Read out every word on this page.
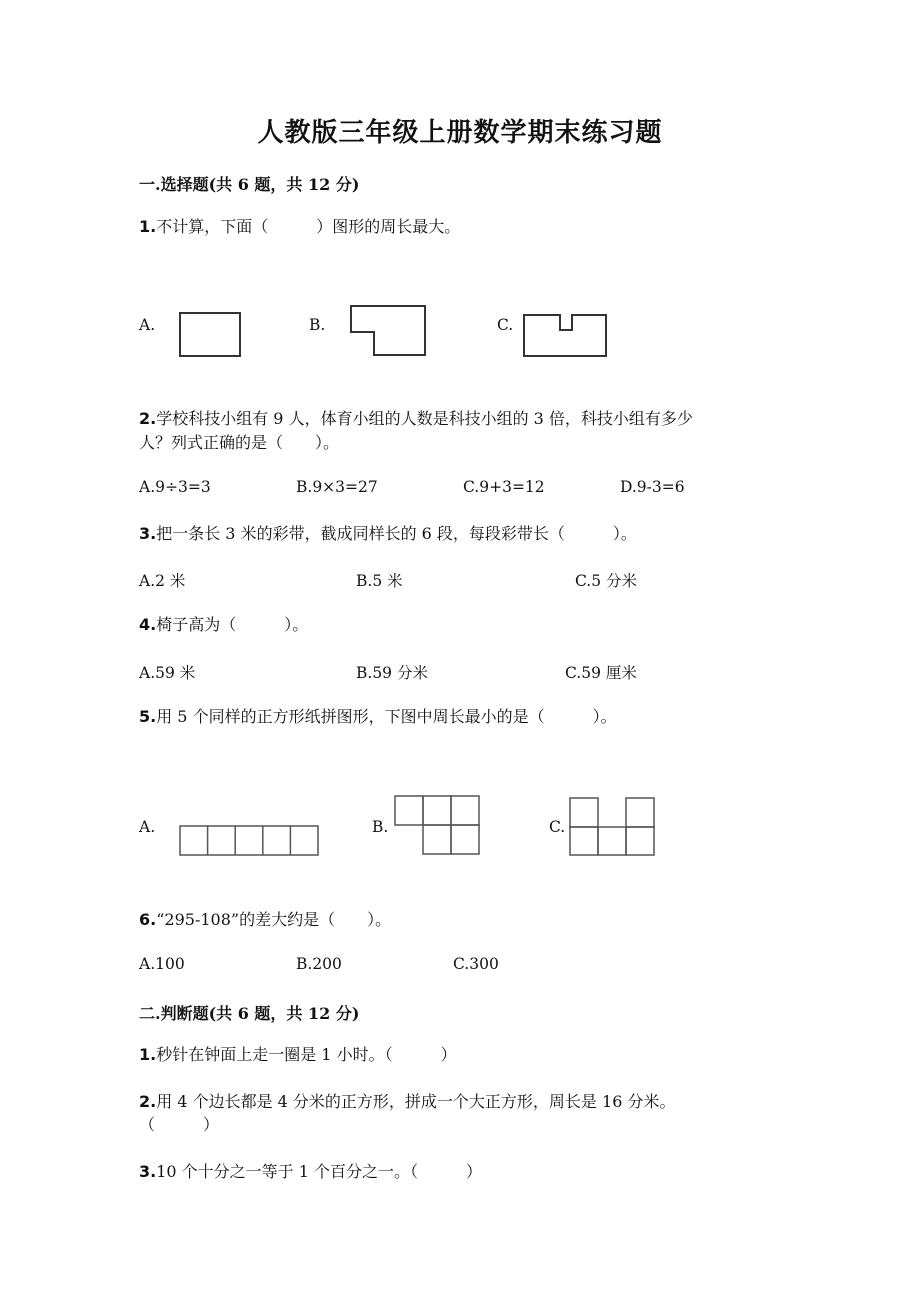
人教版三年级上册数学期末练习题
一.选择题(共 6 题，共 12 分)
1.不计算，下面（　　　）图形的周长最大。
A.	B.	C.
2.学校科技小组有 9 人，体育小组的人数是科技小组的 3 倍，科技小组有多少
人？列式正确的是（　　）。
A.9÷3=3	B.9×3=27	C.9+3=12	D.9-3=6
3.把一条长 3 米的彩带，截成同样长的 6 段，每段彩带长（　　　）。
A.2 米	B.5 米	C.5 分米
4.椅子高为（　　　）。
A.59 米	B.59 分米	C.59 厘米
5.用 5 个同样的正方形纸拼图形，下图中周长最小的是（　　　）。
A.	B.	C.
6.“295-108”的差大约是（　　）。
A.100	B.200	C.300
二.判断题(共 6 题，共 12 分)
1.秒针在钟面上走一圈是 1 小时。（　　　）
2.用 4 个边长都是 4 分米的正方形，拼成一个大正方形，周长是 16 分米。
（　　　）
3.10 个十分之一等于 1 个百分之一。（　　　）
